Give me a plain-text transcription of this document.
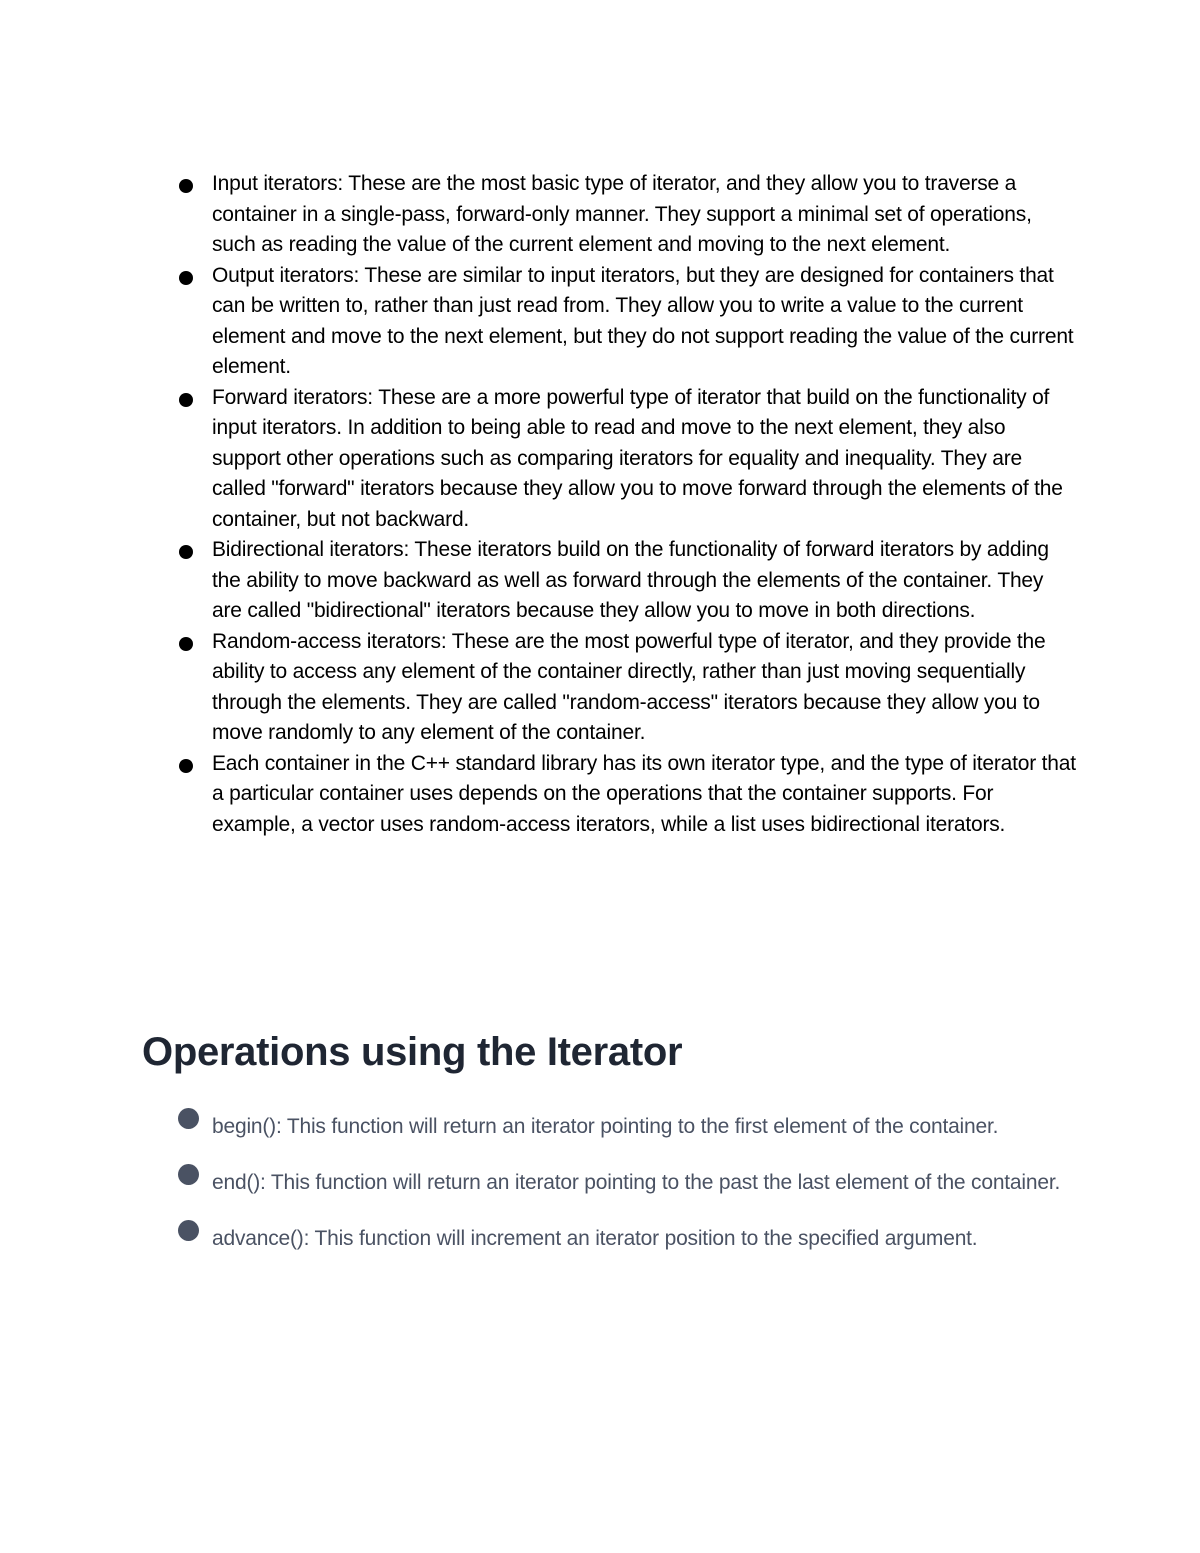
Input iterators: These are the most basic type of iterator, and they allow you to traverse a container in a single-pass, forward-only manner. They support a minimal set of operations, such as reading the value of the current element and moving to the next element.
Output iterators: These are similar to input iterators, but they are designed for containers that can be written to, rather than just read from. They allow you to write a value to the current element and move to the next element, but they do not support reading the value of the current element.
Forward iterators: These are a more powerful type of iterator that build on the functionality of input iterators. In addition to being able to read and move to the next element, they also support other operations such as comparing iterators for equality and inequality. They are called "forward" iterators because they allow you to move forward through the elements of the container, but not backward.
Bidirectional iterators: These iterators build on the functionality of forward iterators by adding the ability to move backward as well as forward through the elements of the container. They are called "bidirectional" iterators because they allow you to move in both directions.
Random-access iterators: These are the most powerful type of iterator, and they provide the ability to access any element of the container directly, rather than just moving sequentially through the elements. They are called "random-access" iterators because they allow you to move randomly to any element of the container.
Each container in the C++ standard library has its own iterator type, and the type of iterator that a particular container uses depends on the operations that the container supports. For example, a vector uses random-access iterators, while a list uses bidirectional iterators.
Operations using the Iterator
begin(): This function will return an iterator pointing to the first element of the container.
end(): This function will return an iterator pointing to the past the last element of the container.
advance(): This function will increment an iterator position to the specified argument.
